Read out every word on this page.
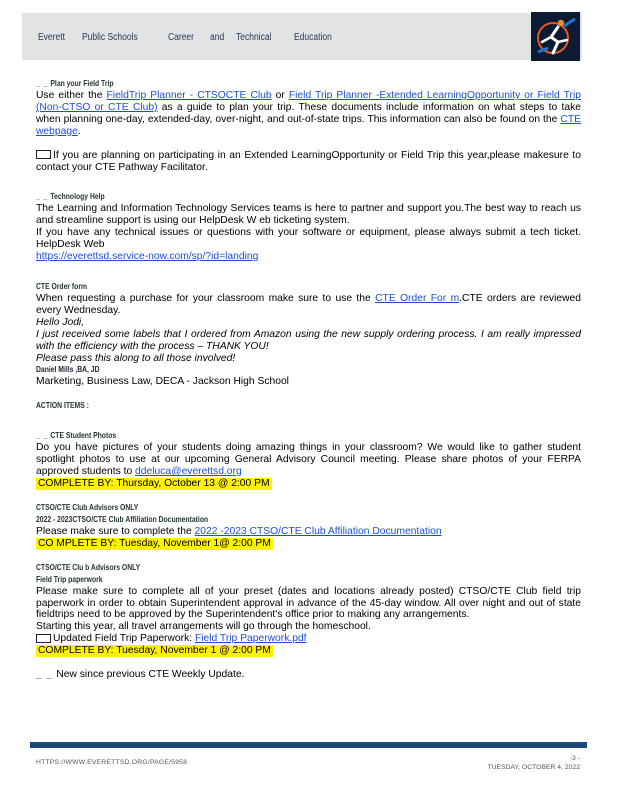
Everett Public Schools	Career and Technical Education
_ _ Plan your Field Trip

Use either the FieldTrip Planner - CTSOCTE Club or Field Trip Planner -Extended LearningOpportunity or Field Trip (Non-CTSO or CTE Club) as a guide to plan your trip. These documents include information on what steps to take when planning one-day, extended-day, over-night, and out-of-state trips. This information can also be found on the CTE webpage.

If you are planning on participating in an Extended LearningOpportunity or Field Trip this year,please makesure to contact your CTE Pathway Facilitator.

_ _ Technology Help

The Learning and Information Technology Services teams is here to partner and support you.The best way to reach us and streamline support is using our HelpDesk W eb ticketing system.

If you have any technical issues or questions with your software or equipment, please always submit a tech ticket. HelpDesk Web

https://everettsd.service-now.com/sp/?id=landing

CTE Order form

When requesting a purchase for your classroom make sure to use the CTE Order For m.CTE orders are reviewed every Wednesday.

Hello Jodi,

I just received some labels that I ordered from Amazon using the new supply ordering process. I am really impressed with the efficiency with the process – THANK YOU!

Please pass this along to all those involved!

Daniel Mills ,BA, JD

Marketing, Business Law, DECA - Jackson High School

ACTION ITEMS :
_ _ CTE Student Photos

Do you have pictures of your students doing amazing things in your classroom? We would like to gather student spotlight photos to use at our upcoming General Advisory Council meeting. Please share photos of your FERPA approved students to ddeluca@everettsd.org

COMPLETE BY: Thursday, October 13 @ 2:00 PM
CTSO/CTE Club Advisors ONLY
2022 - 2023CTSO/CTE Club Affiliation Documentation

Please make sure to complete the 2022 -2023 CTSO/CTE Club Affiliation Documentation

CO MPLETE BY: Tuesday, November 1@ 2:00 PM
CTSO/CTE Clu b Advisors ONLY
Field Trip paperwork

Please make sure to complete all of your preset (dates and locations already posted) CTSO/CTE Club field trip paperwork in order to obtain Superintendent approval in advance of the 45-day window. All over night and out of state fieldtrips need to be approved by the Superintendent's office prior to making any arrangements.

Starting this year, all travel arrangements will go through the homeschool.

Updated Field Trip Paperwork: Field Trip Paperwork.pdf

COMPLETE BY: Tuesday, November 1 @ 2:00 PM

_ _ New since previous CTE Weekly Update.

HTTPS://WWW.EVERETTSD.ORG/PAGE/5958
-3 -
TUESDAY, OCTOBER 4, 2022
